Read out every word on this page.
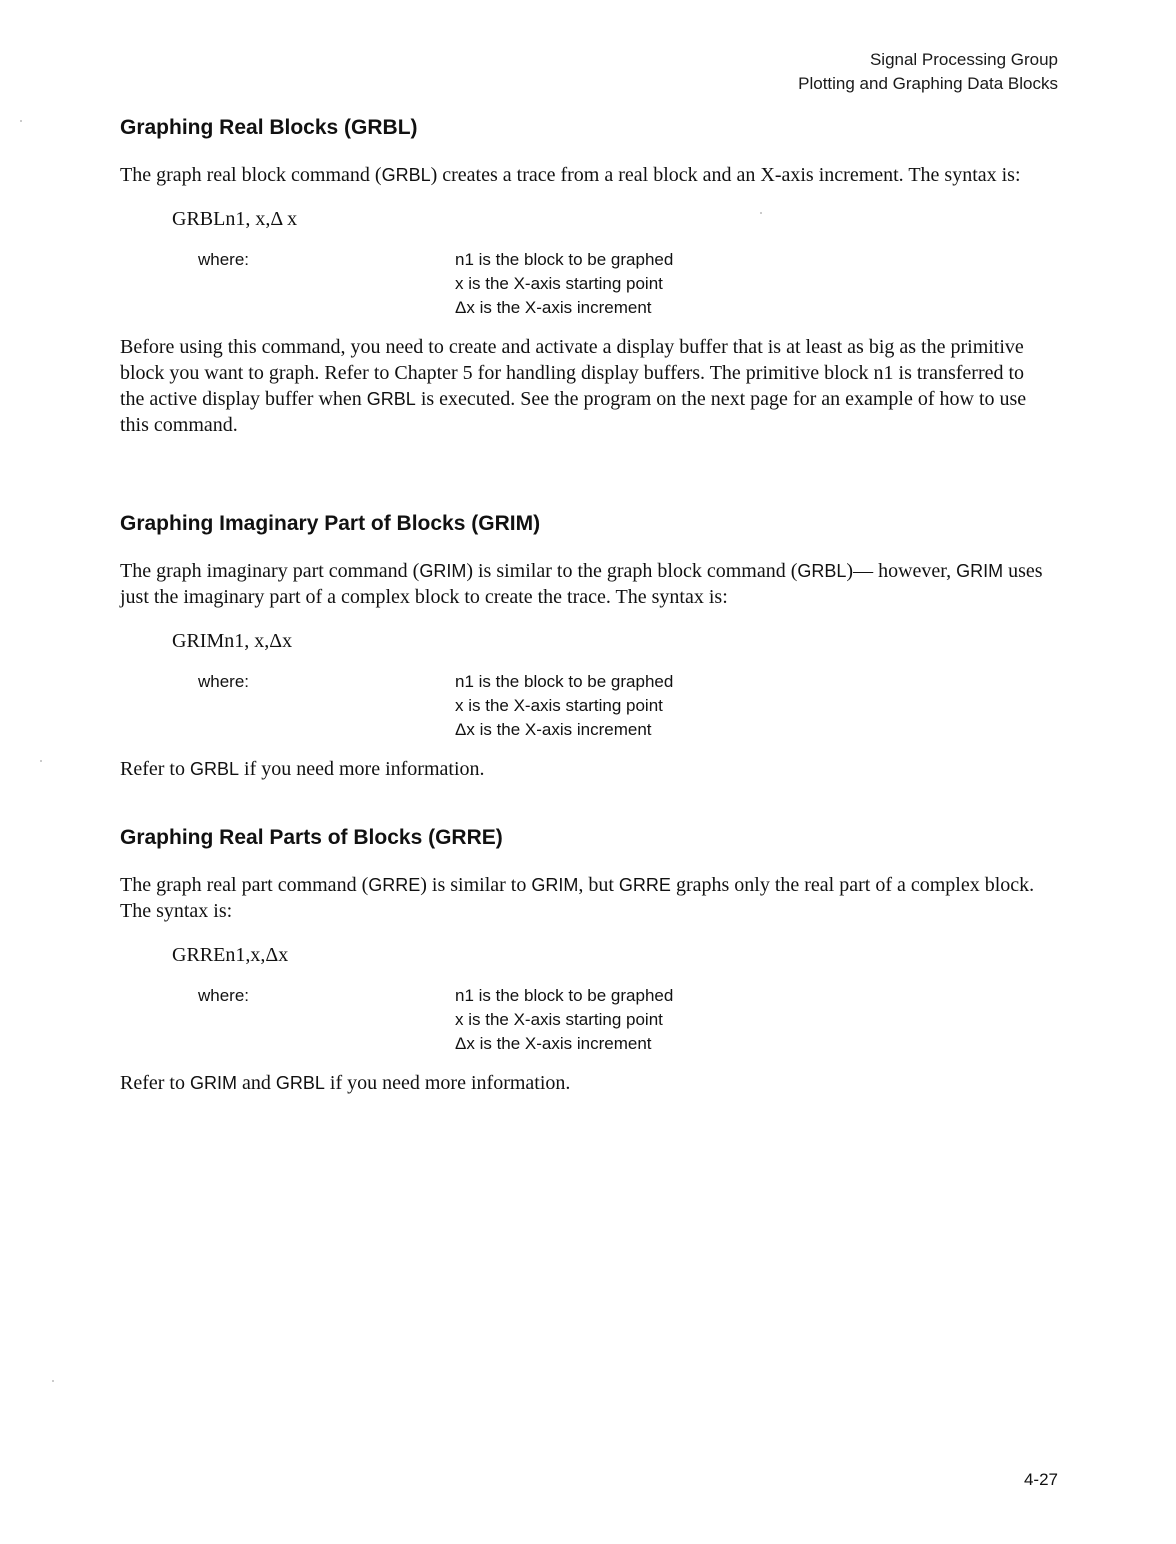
Signal Processing Group
Plotting and Graphing Data Blocks
Graphing Real Blocks (GRBL)

The graph real block command (GRBL) creates a trace from a real block and an X-axis increment. The syntax is:

GRBLn1, x,Δ x
where:	n1 is the block to be graphed
x is the X-axis starting point
Δx is the X-axis increment

Before using this command, you need to create and activate a display buffer that is at least as big as the primitive block you want to graph. Refer to Chapter 5 for handling display buffers. The primitive block n1 is transferred to the active display buffer when GRBL is executed. See the program on the next page for an example of how to use this command.

Graphing Imaginary Part of Blocks (GRIM)

The graph imaginary part command (GRIM) is similar to the graph block command (GRBL)— however, GRIM uses just the imaginary part of a complex block to create the trace. The syntax is:

GRIMn1, x,Δx
where:	n1 is the block to be graphed
x is the X-axis starting point
Δx is the X-axis increment

Refer to GRBL if you need more information.

Graphing Real Parts of Blocks (GRRE)

The graph real part command (GRRE) is similar to GRIM, but GRRE graphs only the real part of a complex block. The syntax is:

GRREn1,x,Δx
where:	n1 is the block to be graphed
x is the X-axis starting point
Δx is the X-axis increment

Refer to GRIM and GRBL if you need more information.

4-27
